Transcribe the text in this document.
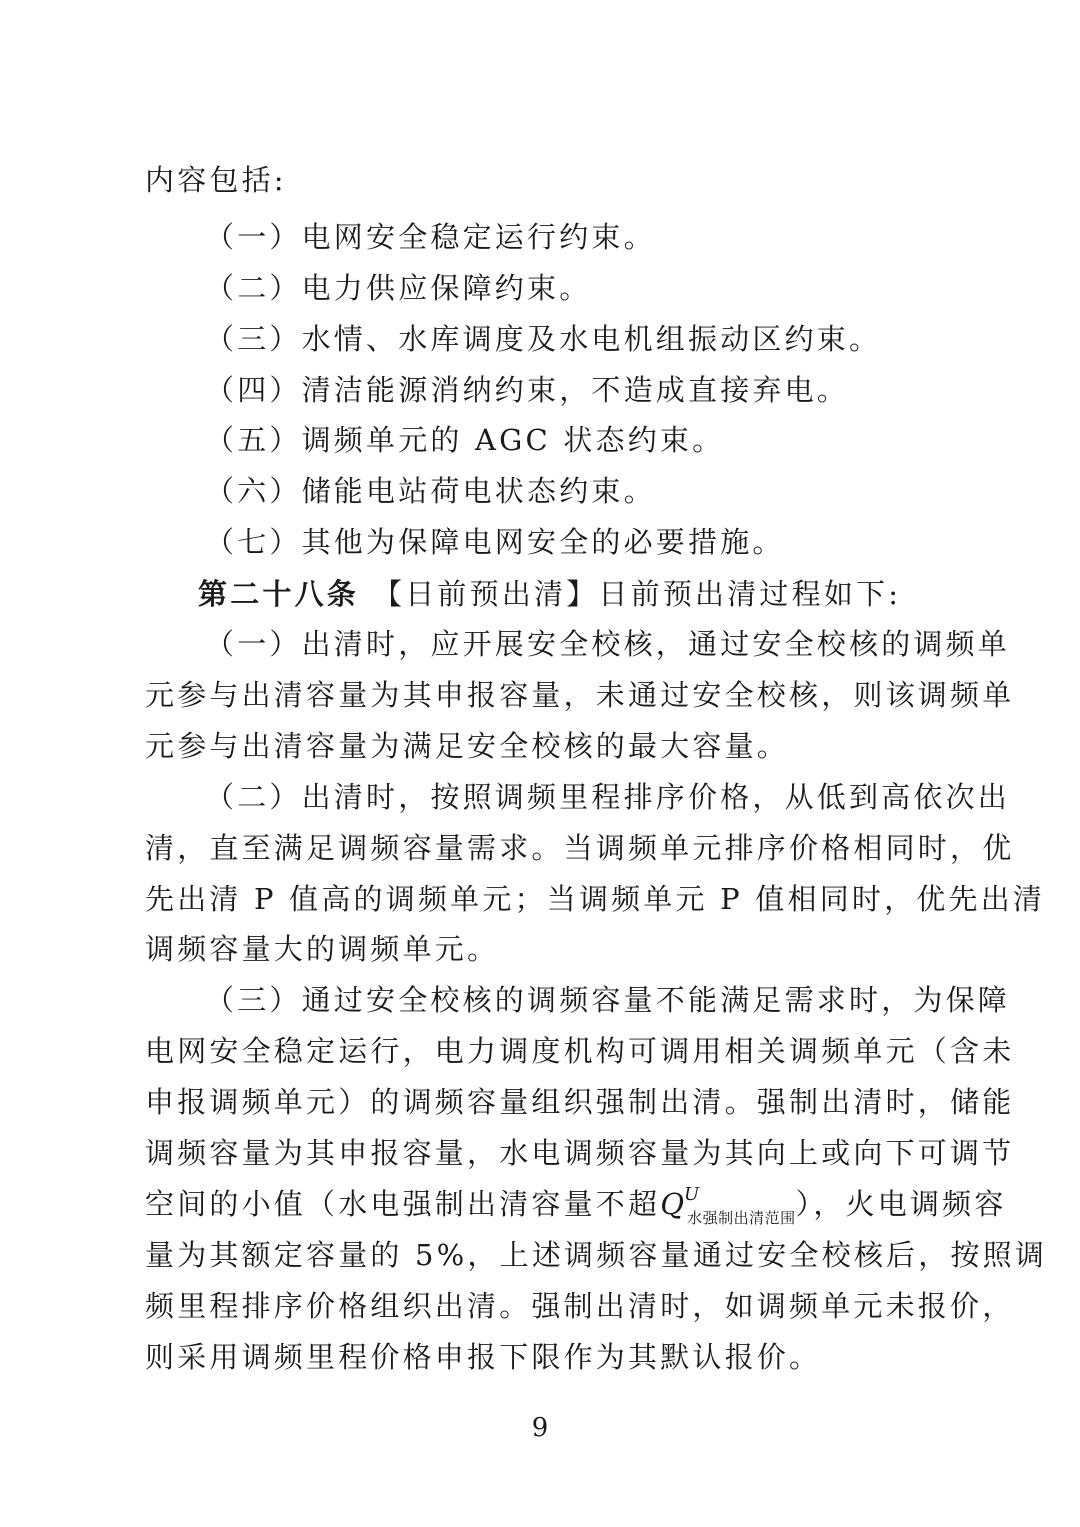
内容包括:
（一）电网安全稳定运行约束。
（二）电力供应保障约束。
（三）水情、水库调度及水电机组振动区约束。
（四）清洁能源消纳约束，不造成直接弃电。
（五）调频单元的 AGC 状态约束。
（六）储能电站荷电状态约束。
（七）其他为保障电网安全的必要措施。
第二十八条 【日前预出清】日前预出清过程如下:
（一）出清时，应开展安全校核，通过安全校核的调频单
元参与出清容量为其申报容量，未通过安全校核，则该调频单
元参与出清容量为满足安全校核的最大容量。
（二）出清时，按照调频里程排序价格，从低到高依次出
清，直至满足调频容量需求。当调频单元排序价格相同时，优
先出清 P 值高的调频单元；当调频单元 P 值相同时，优先出清
调频容量大的调频单元。
（三）通过安全校核的调频容量不能满足需求时，为保障
电网安全稳定运行，电力调度机构可调用相关调频单元（含未
申报调频单元）的调频容量组织强制出清。强制出清时，储能
调频容量为其申报容量，水电调频容量为其向上或向下可调节
空间的小值（水电强制出清容量不超$Q^U_{水强制出清范围}$），火电调频容
量为其额定容量的 5%，上述调频容量通过安全校核后，按照调
频里程排序价格组织出清。强制出清时，如调频单元未报价，
则采用调频里程价格申报下限作为其默认报价。
9
